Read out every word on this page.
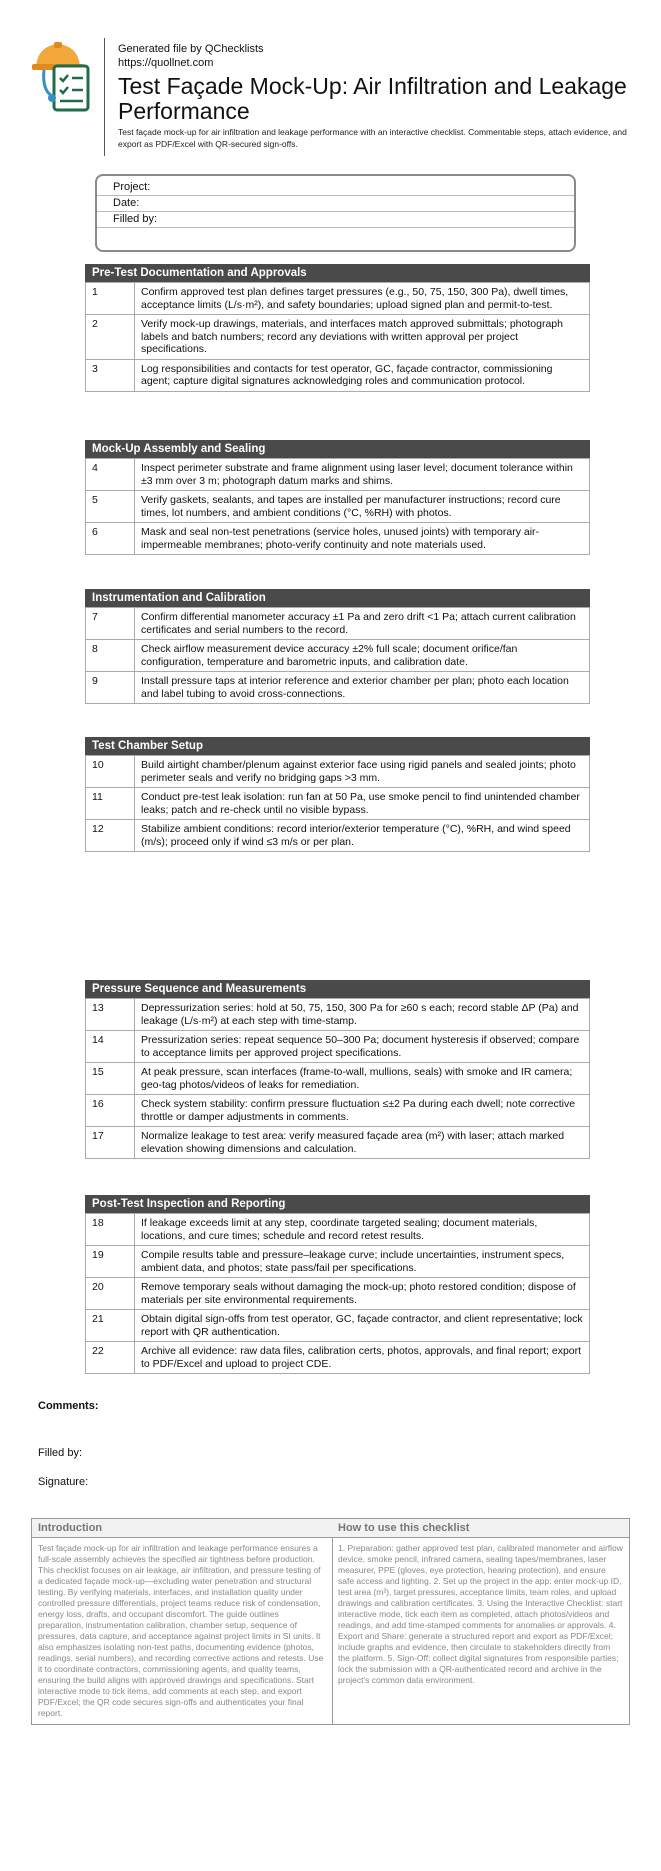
Generated file by QChecklists
https://quollnet.com
Test Façade Mock-Up: Air Infiltration and Leakage Performance
Test façade mock-up for air infiltration and leakage performance with an interactive checklist. Commentable steps, attach evidence, and export as PDF/Excel with QR-secured sign-offs.
Project:
Date:
Filled by:
Pre-Test Documentation and Approvals
1	Confirm approved test plan defines target pressures (e.g., 50, 75, 150, 300 Pa), dwell times, acceptance limits (L/s·m²), and safety boundaries; upload signed plan and permit-to-test.
2	Verify mock-up drawings, materials, and interfaces match approved submittals; photograph labels and batch numbers; record any deviations with written approval per project specifications.
3	Log responsibilities and contacts for test operator, GC, façade contractor, commissioning agent; capture digital signatures acknowledging roles and communication protocol.
Mock-Up Assembly and Sealing
4	Inspect perimeter substrate and frame alignment using laser level; document tolerance within ±3 mm over 3 m; photograph datum marks and shims.
5	Verify gaskets, sealants, and tapes are installed per manufacturer instructions; record cure times, lot numbers, and ambient conditions (°C, %RH) with photos.
6	Mask and seal non-test penetrations (service holes, unused joints) with temporary air-impermeable membranes; photo-verify continuity and note materials used.
Instrumentation and Calibration
7	Confirm differential manometer accuracy ±1 Pa and zero drift <1 Pa; attach current calibration certificates and serial numbers to the record.
8	Check airflow measurement device accuracy ±2% full scale; document orifice/fan configuration, temperature and barometric inputs, and calibration date.
9	Install pressure taps at interior reference and exterior chamber per plan; photo each location and label tubing to avoid cross-connections.
Test Chamber Setup
10	Build airtight chamber/plenum against exterior face using rigid panels and sealed joints; photo perimeter seals and verify no bridging gaps >3 mm.
11	Conduct pre-test leak isolation: run fan at 50 Pa, use smoke pencil to find unintended chamber leaks; patch and re-check until no visible bypass.
12	Stabilize ambient conditions: record interior/exterior temperature (°C), %RH, and wind speed (m/s); proceed only if wind ≤3 m/s or per plan.
Pressure Sequence and Measurements
13	Depressurization series: hold at 50, 75, 150, 300 Pa for ≥60 s each; record stable ΔP (Pa) and leakage (L/s·m²) at each step with time-stamp.
14	Pressurization series: repeat sequence 50–300 Pa; document hysteresis if observed; compare to acceptance limits per approved project specifications.
15	At peak pressure, scan interfaces (frame-to-wall, mullions, seals) with smoke and IR camera; geo-tag photos/videos of leaks for remediation.
16	Check system stability: confirm pressure fluctuation ≤±2 Pa during each dwell; note corrective throttle or damper adjustments in comments.
17	Normalize leakage to test area: verify measured façade area (m²) with laser; attach marked elevation showing dimensions and calculation.
Post-Test Inspection and Reporting
18	If leakage exceeds limit at any step, coordinate targeted sealing; document materials, locations, and cure times; schedule and record retest results.
19	Compile results table and pressure–leakage curve; include uncertainties, instrument specs, ambient data, and photos; state pass/fail per specifications.
20	Remove temporary seals without damaging the mock-up; photo restored condition; dispose of materials per site environmental requirements.
21	Obtain digital sign-offs from test operator, GC, façade contractor, and client representative; lock report with QR authentication.
22	Archive all evidence: raw data files, calibration certs, photos, approvals, and final report; export to PDF/Excel and upload to project CDE.
Comments:
Filled by:
Signature:
Introduction
Test façade mock-up for air infiltration and leakage performance ensures a full-scale assembly achieves the specified air tightness before production. This checklist focuses on air leakage, air infiltration, and pressure testing of a dedicated façade mock-up—excluding water penetration and structural testing. By verifying materials, interfaces, and installation quality under controlled pressure differentials, project teams reduce risk of condensation, energy loss, drafts, and occupant discomfort. The guide outlines preparation, instrumentation calibration, chamber setup, sequence of pressures, data capture, and acceptance against project limits in SI units. It also emphasizes isolating non-test paths, documenting evidence (photos, readings, serial numbers), and recording corrective actions and retests. Use it to coordinate contractors, commissioning agents, and quality teams, ensuring the build aligns with approved drawings and specifications. Start interactive mode to tick items, add comments at each step, and export PDF/Excel; the QR code secures sign-offs and authenticates your final report.
How to use this checklist
1. Preparation: gather approved test plan, calibrated manometer and airflow device, smoke pencil, infrared camera, sealing tapes/membranes, laser measurer, PPE (gloves, eye protection, hearing protection), and ensure safe access and lighting. 2. Set up the project in the app: enter mock-up ID, test area (m²), target pressures, acceptance limits, team roles, and upload drawings and calibration certificates. 3. Using the Interactive Checklist: start interactive mode, tick each item as completed, attach photos/videos and readings, and add time-stamped comments for anomalies or approvals. 4. Export and Share: generate a structured report and export as PDF/Excel; include graphs and evidence, then circulate to stakeholders directly from the platform. 5. Sign-Off: collect digital signatures from responsible parties; lock the submission with a QR-authenticated record and archive in the project's common data environment.
